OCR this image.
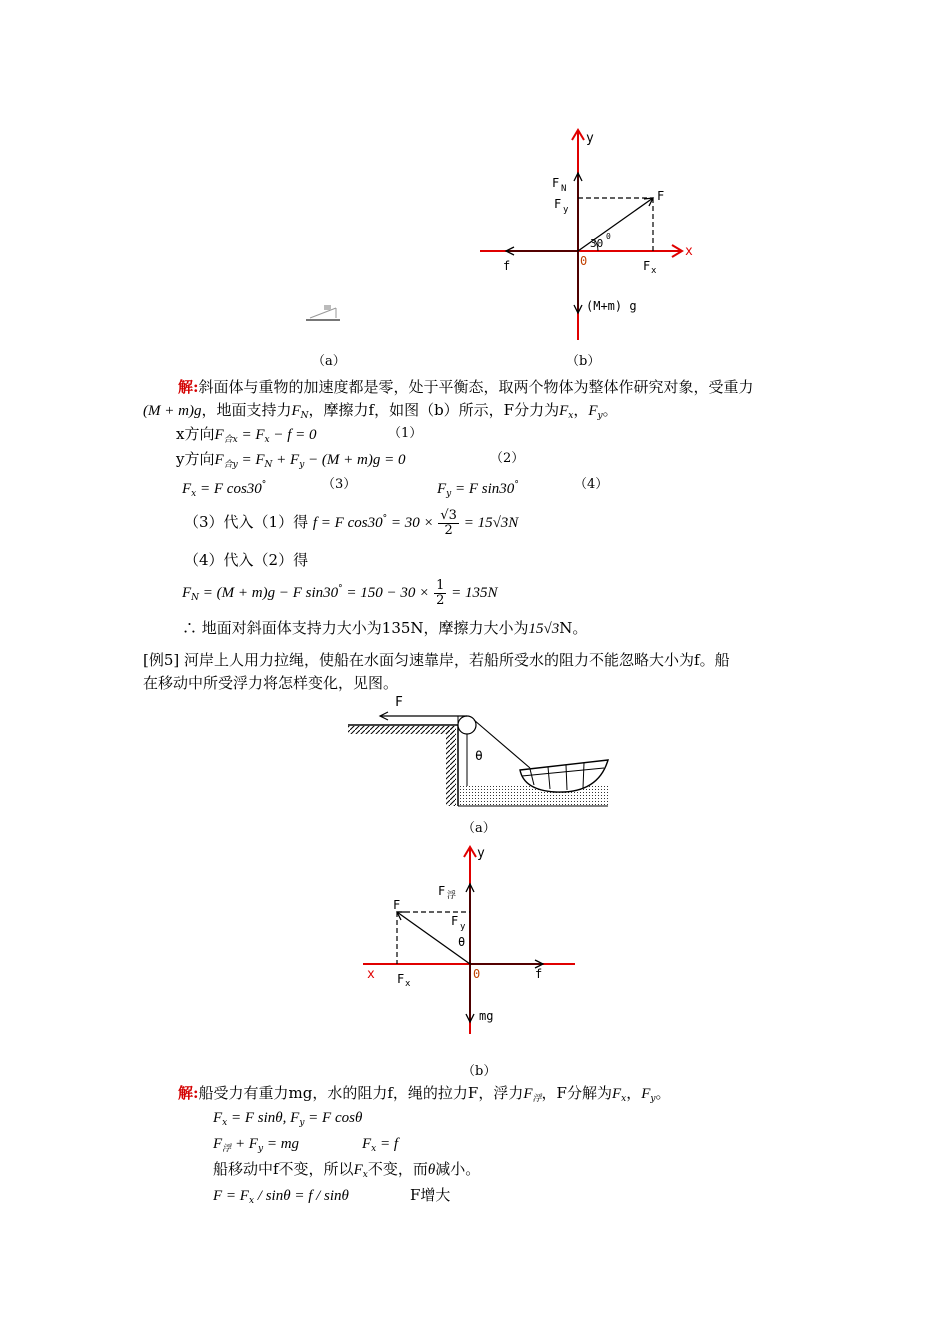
y
x
F N
F y
F
30
0
f	0	F x
(M+m) g
（a）	（b）
解:斜面体与重物的加速度都是零，处于平衡态，取两个物体为整体作研究对象，受重力
(M + m)g，地面支持力$F_N$，摩擦力f，如图（b）所示，F分力为$F_x$，$F_y$。
x方向$F_{合x} = F_x - f = 0$	（1）
y方向$F_{合y} = F_N + F_y - (M + m)g = 0$	（2）
$F_x = F$ cos30°	（3）	$F_y = F$ sin30°	（4）
（3）代入（1）得 f = F $\cos 30^\circ = 30 \times \frac{√3}{2} = 15√3N$
（4）代入（2）得
$F_N = (M + m)g - F$ $\sin 30^\circ = 150 - 30 \times \frac{1}{2} = 135N$
∴ 地面对斜面体支持力大小为135N，摩擦力大小为15√3N。
[例5] 河岸上人用力拉绳，使船在水面匀速靠岸，若船所受水的阻力不能忽略大小为f。船
在移动中所受浮力将怎样变化，见图。
F
θ
（a）
y
x
F 浮
F
F y
θ
f
0
F x
mg
（b）
解:船受力有重力mg，水的阻力f，绳的拉力F，浮力$F_浮$，F分解为$F_x$，$F_y$。
$F_x = F$ sinθ, $F_y = F$ cosθ
$F_浮 + F_y$ = mg	$F_x = f$
船移动中f不变，所以$F_x$不变，而θ减小。
$F = F_x / \sin\theta = f / \sin\theta$	F增大
